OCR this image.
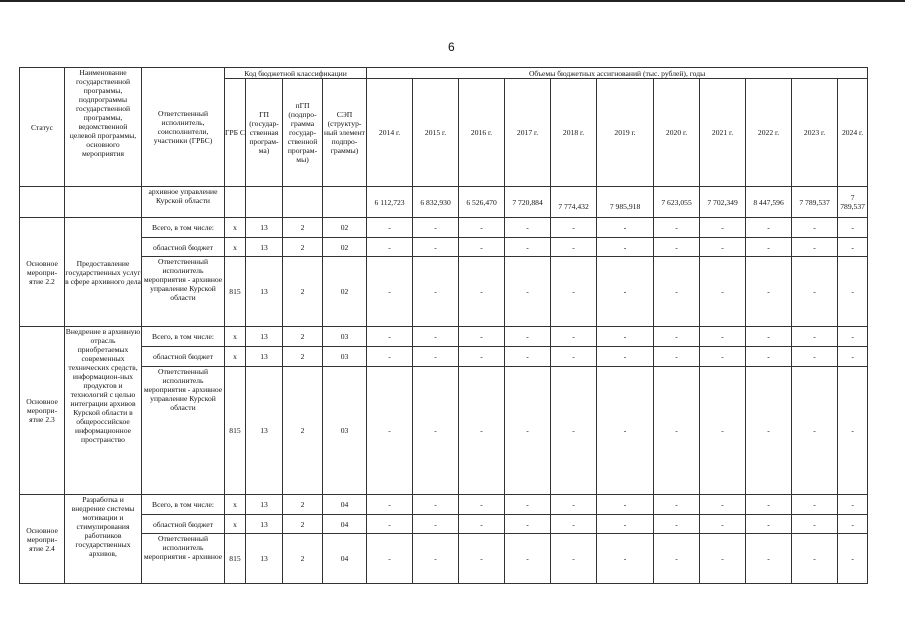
6
Статус	Наименование государственной программы, подпрограммы государственной программы, ведомственной целевой программы, основного мероприятия	Ответственный исполнитель, соисполнители, участники (ГРБС)	Код бюджетной классификации				Объемы бюджетных ассигнований (тыс. рублей), годы										
			ГРБ С	ГП (государ-ственная програм-ма)	пГП (подпро-грамма государ-ственной програм-мы)	СЭП (структур-ный элемент подпро-граммы)	2014 г.	2015 г.	2016 г.	2017 г.	2018 г.	2019 г.	2020 г.	2021 г.	2022 г.	2023 г.	2024 г.
		архивное управление Курской области					6 112,723	6 832,930	6 526,470	7 720,884	7 774,432	7 985,918	7 623,055	7 702,349	8 447,596	7 789,537	7 789,537
Основное меропри-ятие 2.2	Предоставление государственных услуг в сфере архивного дела	Всего, в том числе:	x	13	2	02	-	-	-	-	-	-	-	-	-	-	-
		областной бюджет	x	13	2	02	-	-	-	-	-	-	-	-	-	-	-
		Ответственный исполнитель мероприятия - архивное управление Курской области	815	13	2	02	-	-	-	-	-	-	-	-	-	-	-
Основное меропри-ятие 2.3	Внедрение в архивную отрасль приобретаемых современных технических средств, информацион-ных продуктов и технологий с целью интеграции архивов Курской области в общероссийское информационное пространство	Всего, в том числе:	x	13	2	03	-	-	-	-	-	-	-	-	-	-	-
		областной бюджет	x	13	2	03	-	-	-	-	-	-	-	-	-	-	-
		Ответственный исполнитель мероприятия - архивное управление Курской области	815	13	2	03	-	-	-	-	-	-	-	-	-	-	-
Основное меропри-ятие 2.4	Разработка и внедрение системы мотивации и стимулирования работников государственных архивов,	Всего, в том числе:	x	13	2	04	-	-	-	-	-	-	-	-	-	-	-
		областной бюджет	x	13	2	04	-	-	-	-	-	-	-	-	-	-	-
		Ответственный исполнитель мероприятия - архивное	815	13	2	04	-	-	-	-	-	-	-	-	-	-	-
